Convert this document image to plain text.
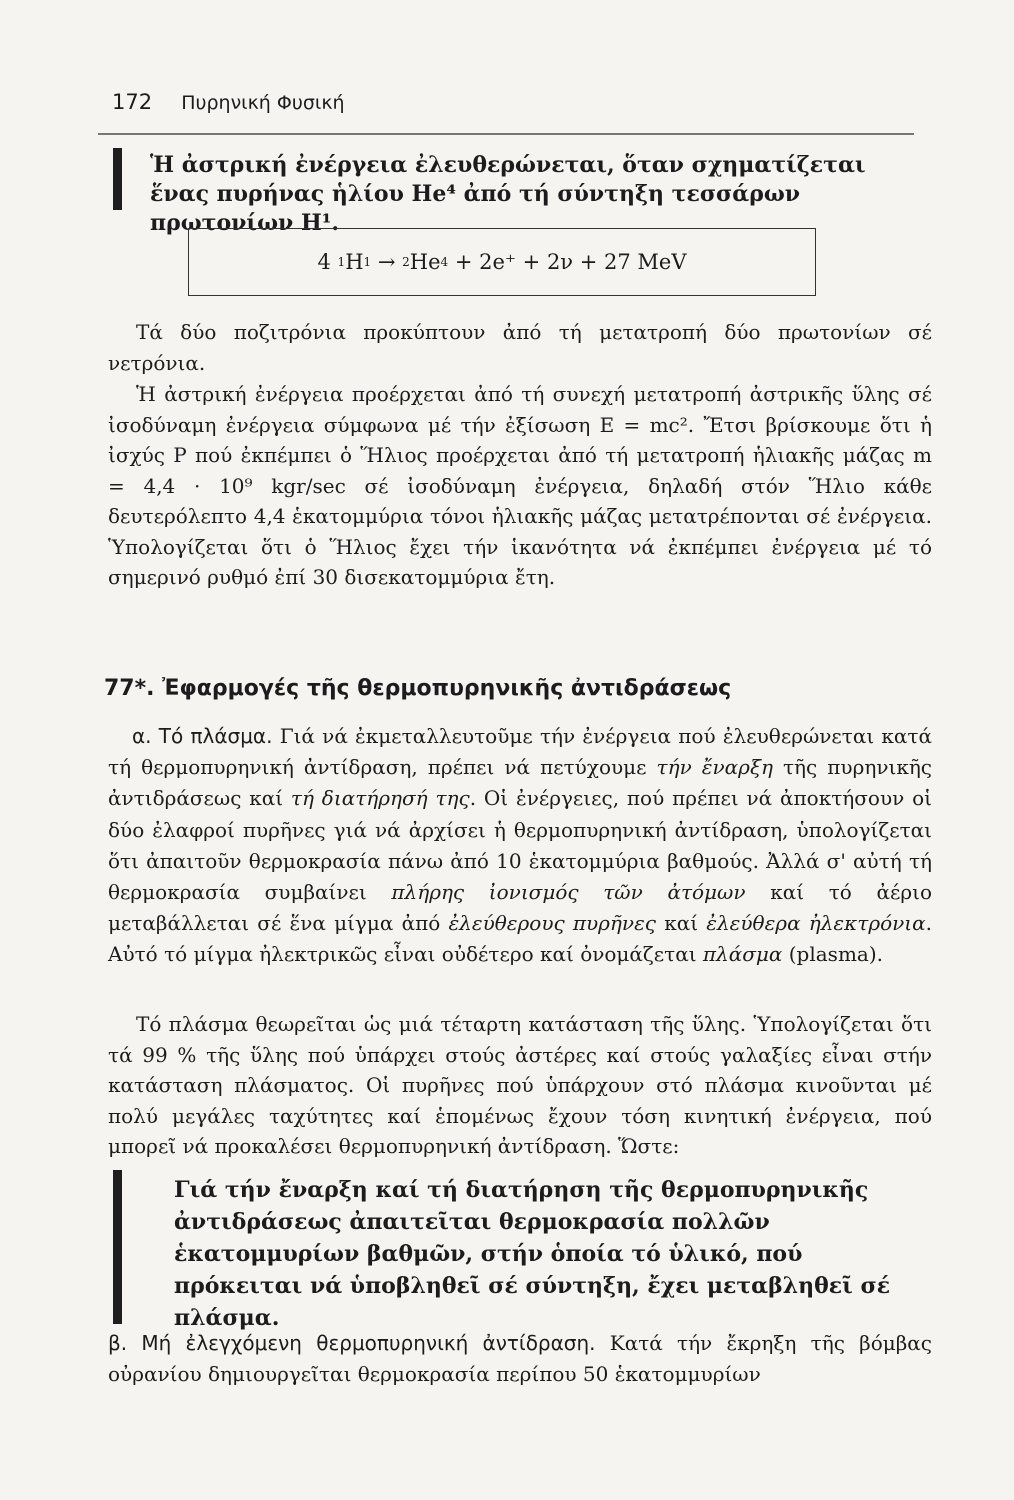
172 Πυρηνική Φυσική

Ἡ ἀστρική ἐνέργεια ἐλευθερώνεται, ὅταν σχηματίζεται ἕνας πυρήνας ἡλίου He⁴ ἀπό τή σύντηξη τεσσάρων πρωτονίων H¹.

4
1 H 1
→
2 He 4
+ 2e⁺ + 2ν + 27 MeV

Τά δύο ποζιτρόνια προκύπτουν ἀπό τή μετατροπή δύο πρωτονίων σέ νετρόνια.

Ἡ ἀστρική ἐνέργεια προέρχεται ἀπό τή συνεχή μετατροπή ἀστρικῆς ὕλης σέ ἰσοδύναμη ἐνέργεια σύμφωνα μέ τήν ἐξίσωση E = mc². Ἔτσι βρίσκουμε ὅτι ἡ ἰσχύς P πού ἐκπέμπει ὁ Ἥλιος προέρχεται ἀπό τή μετατροπή ἡλιακῆς μάζας m = 4,4 · 10⁹ kgr/sec σέ ἰσοδύναμη ἐνέργεια, δηλαδή στόν Ἥλιο κάθε δευτερόλεπτο 4,4 ἑκατομμύρια τόνοι ἡλιακῆς μάζας μετατρέπονται σέ ἐνέργεια. Ὑπολογίζεται ὅτι ὁ Ἥλιος ἔχει τήν ἱκανότητα νά ἐκπέμπει ἐνέργεια μέ τό σημερινό ρυθμό ἐπί 30 δισεκατομμύρια ἔτη.

77*. Ἐφαρμογές τῆς θερμοπυρηνικῆς ἀντιδράσεως

α. Τό πλάσμα. Γιά νά ἐκμεταλλευτοῦμε τήν ἐνέργεια πού ἐλευθερώνεται κατά τή θερμοπυρηνική ἀντίδραση, πρέπει νά πετύχουμε τήν ἔναρξη τῆς πυρηνικῆς ἀντιδράσεως καί τή διατήρησή της. Οἱ ἐνέργειες, πού πρέπει νά ἀποκτήσουν οἱ δύο ἐλαφροί πυρῆνες γιά νά ἀρχίσει ἡ θερμοπυρηνική ἀντίδραση, ὑπολογίζεται ὅτι ἀπαιτοῦν θερμοκρασία πάνω ἀπό 10 ἑκατομμύρια βαθμούς. Ἀλλά σ' αὐτή τή θερμοκρασία συμβαίνει πλήρης ἰονισμός τῶν ἀτόμων καί τό ἀέριο μεταβάλλεται σέ ἕνα μίγμα ἀπό ἐλεύθερους πυρῆνες καί ἐλεύθερα ἠλεκτρόνια. Αὐτό τό μίγμα ἠλεκτρικῶς εἶναι οὐδέτερο καί ὀνομάζεται πλάσμα (plasma).

Τό πλάσμα θεωρεῖται ὡς μιά τέταρτη κατάσταση τῆς ὕλης. Ὑπολογίζεται ὅτι τά 99 % τῆς ὕλης πού ὑπάρχει στούς ἀστέρες καί στούς γαλαξίες εἶναι στήν κατάσταση πλάσματος. Οἱ πυρῆνες πού ὑπάρχουν στό πλάσμα κινοῦνται μέ πολύ μεγάλες ταχύτητες καί ἑπομένως ἔχουν τόση κινητική ἐνέργεια, πού μπορεῖ νά προκαλέσει θερμοπυρηνική ἀντίδραση. Ὥστε:

Γιά τήν ἔναρξη καί τή διατήρηση τῆς θερμοπυρηνικῆς ἀντιδράσεως ἀπαιτεῖται θερμοκρασία πολλῶν ἑκατομμυρίων βαθμῶν, στήν ὁποία τό ὑλικό, πού πρόκειται νά ὑποβληθεῖ σέ σύντηξη, ἔχει μεταβληθεῖ σέ πλάσμα.

β. Μή ἐλεγχόμενη θερμοπυρηνική ἀντίδραση. Κατά τήν ἔκρηξη τῆς βόμβας οὐρανίου δημιουργεῖται θερμοκρασία περίπου 50 ἑκατομμυρίων
